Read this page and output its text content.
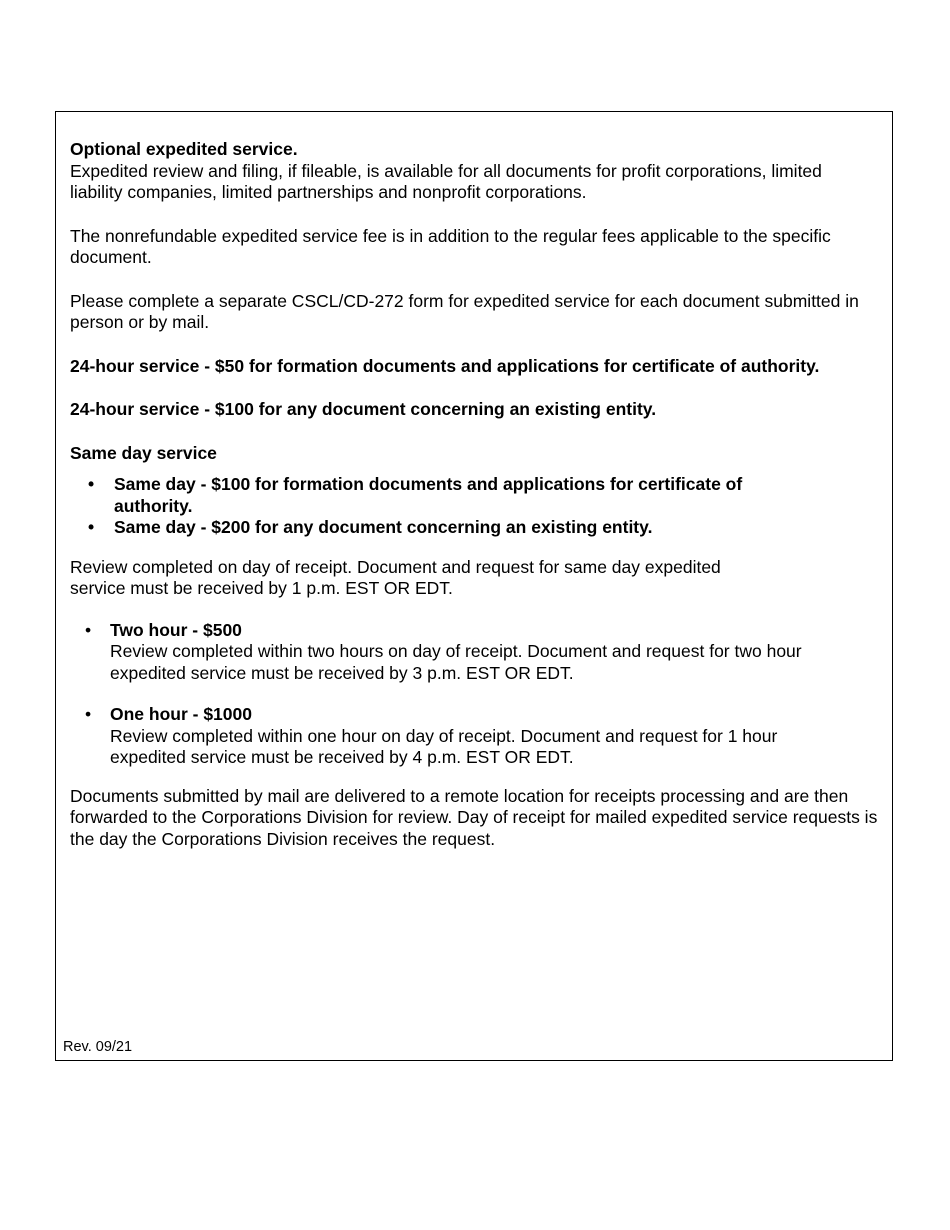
Optional expedited service.

Expedited review and filing, if fileable, is available for all documents for profit corporations, limited liability companies, limited partnerships and nonprofit corporations.

The nonrefundable expedited service fee is in addition to the regular fees applicable to the specific document.

Please complete a separate CSCL/CD-272 form for expedited service for each document submitted in person or by mail.

24-hour service - $50 for formation documents and applications for certificate of authority.

24-hour service - $100 for any document concerning an existing entity.

Same day service

• Same day - $100 for formation documents and applications for certificate of authority.
• Same day - $200 for any document concerning an existing entity.

Review completed on day of receipt. Document and request for same day expedited service must be received by 1 p.m. EST OR EDT.

• Two hour - $500
Review completed within two hours on day of receipt. Document and request for two hour expedited service must be received by 3 p.m. EST OR EDT.
• One hour - $1000
Review completed within one hour on day of receipt. Document and request for 1 hour expedited service must be received by 4 p.m. EST OR EDT.

Documents submitted by mail are delivered to a remote location for receipts processing and are then forwarded to the Corporations Division for review. Day of receipt for mailed expedited service requests is the day the Corporations Division receives the request.

Rev. 09/21
